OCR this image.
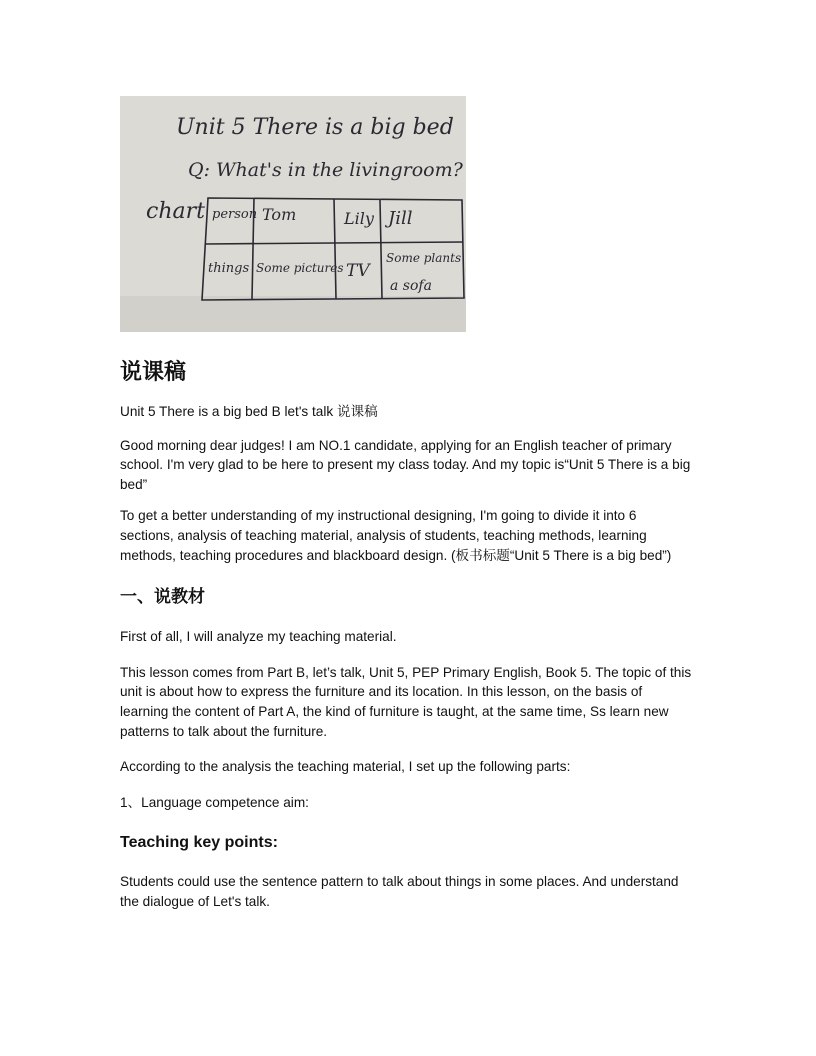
Unit 5 There is a big bed
Q: What's in the livingroom?
chart person Tom	Lily Jill
things Some pictures TV
Some plants
a sofa
说课稿

Unit 5 There is a big bed B let's talk 说课稿

Good morning dear judges! I am NO.1 candidate, applying for an English teacher of primary school. I'm very glad to be here to present my class today. And my topic is“Unit 5 There is a big bed”

To get a better understanding of my instructional designing, I'm going to divide it into 6 sections, analysis of teaching material, analysis of students, teaching methods, learning methods, teaching procedures and blackboard design. (板书标题“Unit 5 There is a big bed”)

一、说教材

First of all, I will analyze my teaching material.

This lesson comes from Part B, let’s talk, Unit 5, PEP Primary English, Book 5. The topic of this unit is about how to express the furniture and its location. In this lesson, on the basis of learning the content of Part A, the kind of furniture is taught, at the same time, Ss learn new patterns to talk about the furniture.

According to the analysis the teaching material, I set up the following parts:

1、Language competence aim:

Teaching key points:

Students could use the sentence pattern to talk about things in some places. And understand the dialogue of Let's talk.
